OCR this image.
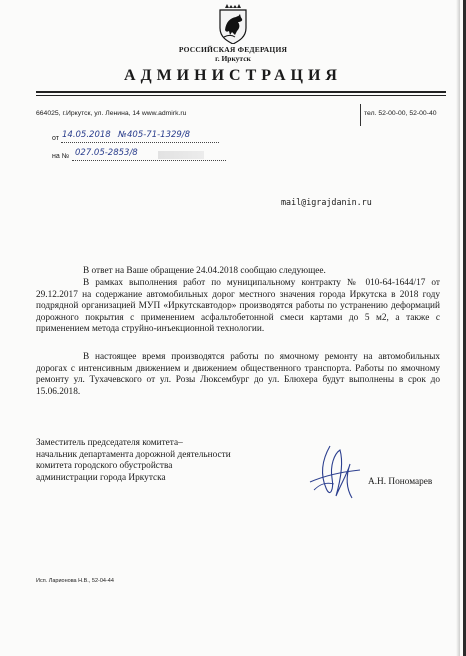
РОССИЙСКАЯ ФЕДЕРАЦИЯ
г. Иркутск
АДМИНИСТРАЦИЯ
664025, г.Иркутск, ул. Ленина, 14 www.admirk.ru	тел. 52-00-00, 52-00-40
от 14.05.2018 № 405-71-1329/8
на № 027.05-2853/8
mail@igrajdanin.ru
В ответ на Ваше обращение 24.04.2018 сообщаю следующее.
В рамках выполнения работ по муниципальному контракту № 010-64-1644/17 от 29.12.2017 на содержание автомобильных дорог местного значения города Иркутска в 2018 году подрядной организацией МУП «Иркутскавтодор» производятся работы по устранению деформаций дорожного покрытия с применением асфальтобетонной смеси картами до 5 м2, а также с применением метода струйно-инъекционной технологии.
В настоящее время производятся работы по ямочному ремонту на автомобильных дорогах с интенсивным движением и движением общественного транспорта. Работы по ямочному ремонту ул. Тухачевского от ул. Розы Люксембург до ул. Блюхера будут выполнены в срок до 15.06.2018.
Заместитель председателя комитета–
начальник департамента дорожной деятельности
комитета городского обустройства
администрации города Иркутска	А.Н. Пономарев
Исп. Ларионова Н.В., 52-04-44
